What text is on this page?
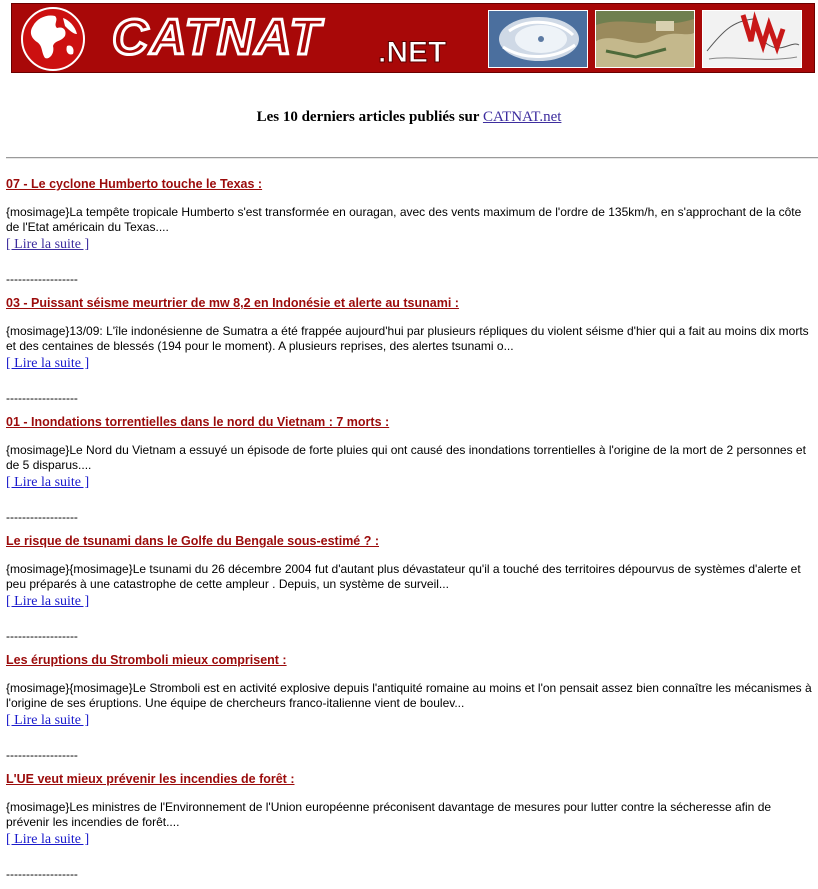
CATNAT .NET
Les 10 derniers articles publiés sur CATNAT.net
07 - Le cyclone Humberto touche le Texas :
{mosimage}La tempête tropicale Humberto s'est transformée en ouragan, avec des vents maximum de l'ordre de 135km/h, en s'approchant de la côte de l'Etat américain du Texas....
[ Lire la suite ]
------------------
03 - Puissant séisme meurtrier de mw 8,2 en Indonésie et alerte au tsunami :
{mosimage}13/09: L'île indonésienne de Sumatra a été frappée aujourd'hui par plusieurs répliques du violent séisme d'hier qui a fait au moins dix morts et des centaines de blessés (194 pour le moment). A plusieurs reprises, des alertes tsunami o...
[ Lire la suite ]
------------------
01 - Inondations torrentielles dans le nord du Vietnam : 7 morts :
{mosimage}Le Nord du Vietnam a essuyé un épisode de forte pluies qui ont causé des inondations torrentielles à l'origine de la mort de 2 personnes et de 5 disparus....
[ Lire la suite ]
------------------
Le risque de tsunami dans le Golfe du Bengale sous-estimé ? :
{mosimage}{mosimage}Le tsunami du 26 décembre 2004 fut d'autant plus dévastateur qu'il a touché des territoires dépourvus de systèmes d'alerte et peu préparés à une catastrophe de cette ampleur . Depuis, un système de surveil...
[ Lire la suite ]
------------------
Les éruptions du Stromboli mieux comprisent :
{mosimage}{mosimage}Le Stromboli est en activité explosive depuis l'antiquité romaine au moins et l'on pensait assez bien connaître les mécanismes à l'origine de ses éruptions. Une équipe de chercheurs franco-italienne vient de boulev...
[ Lire la suite ]
------------------
L'UE veut mieux prévenir les incendies de forêt :
{mosimage}Les ministres de l'Environnement de l'Union européenne préconisent davantage de mesures pour lutter contre la sécheresse afin de prévenir les incendies de forêt....
[ Lire la suite ]
------------------
